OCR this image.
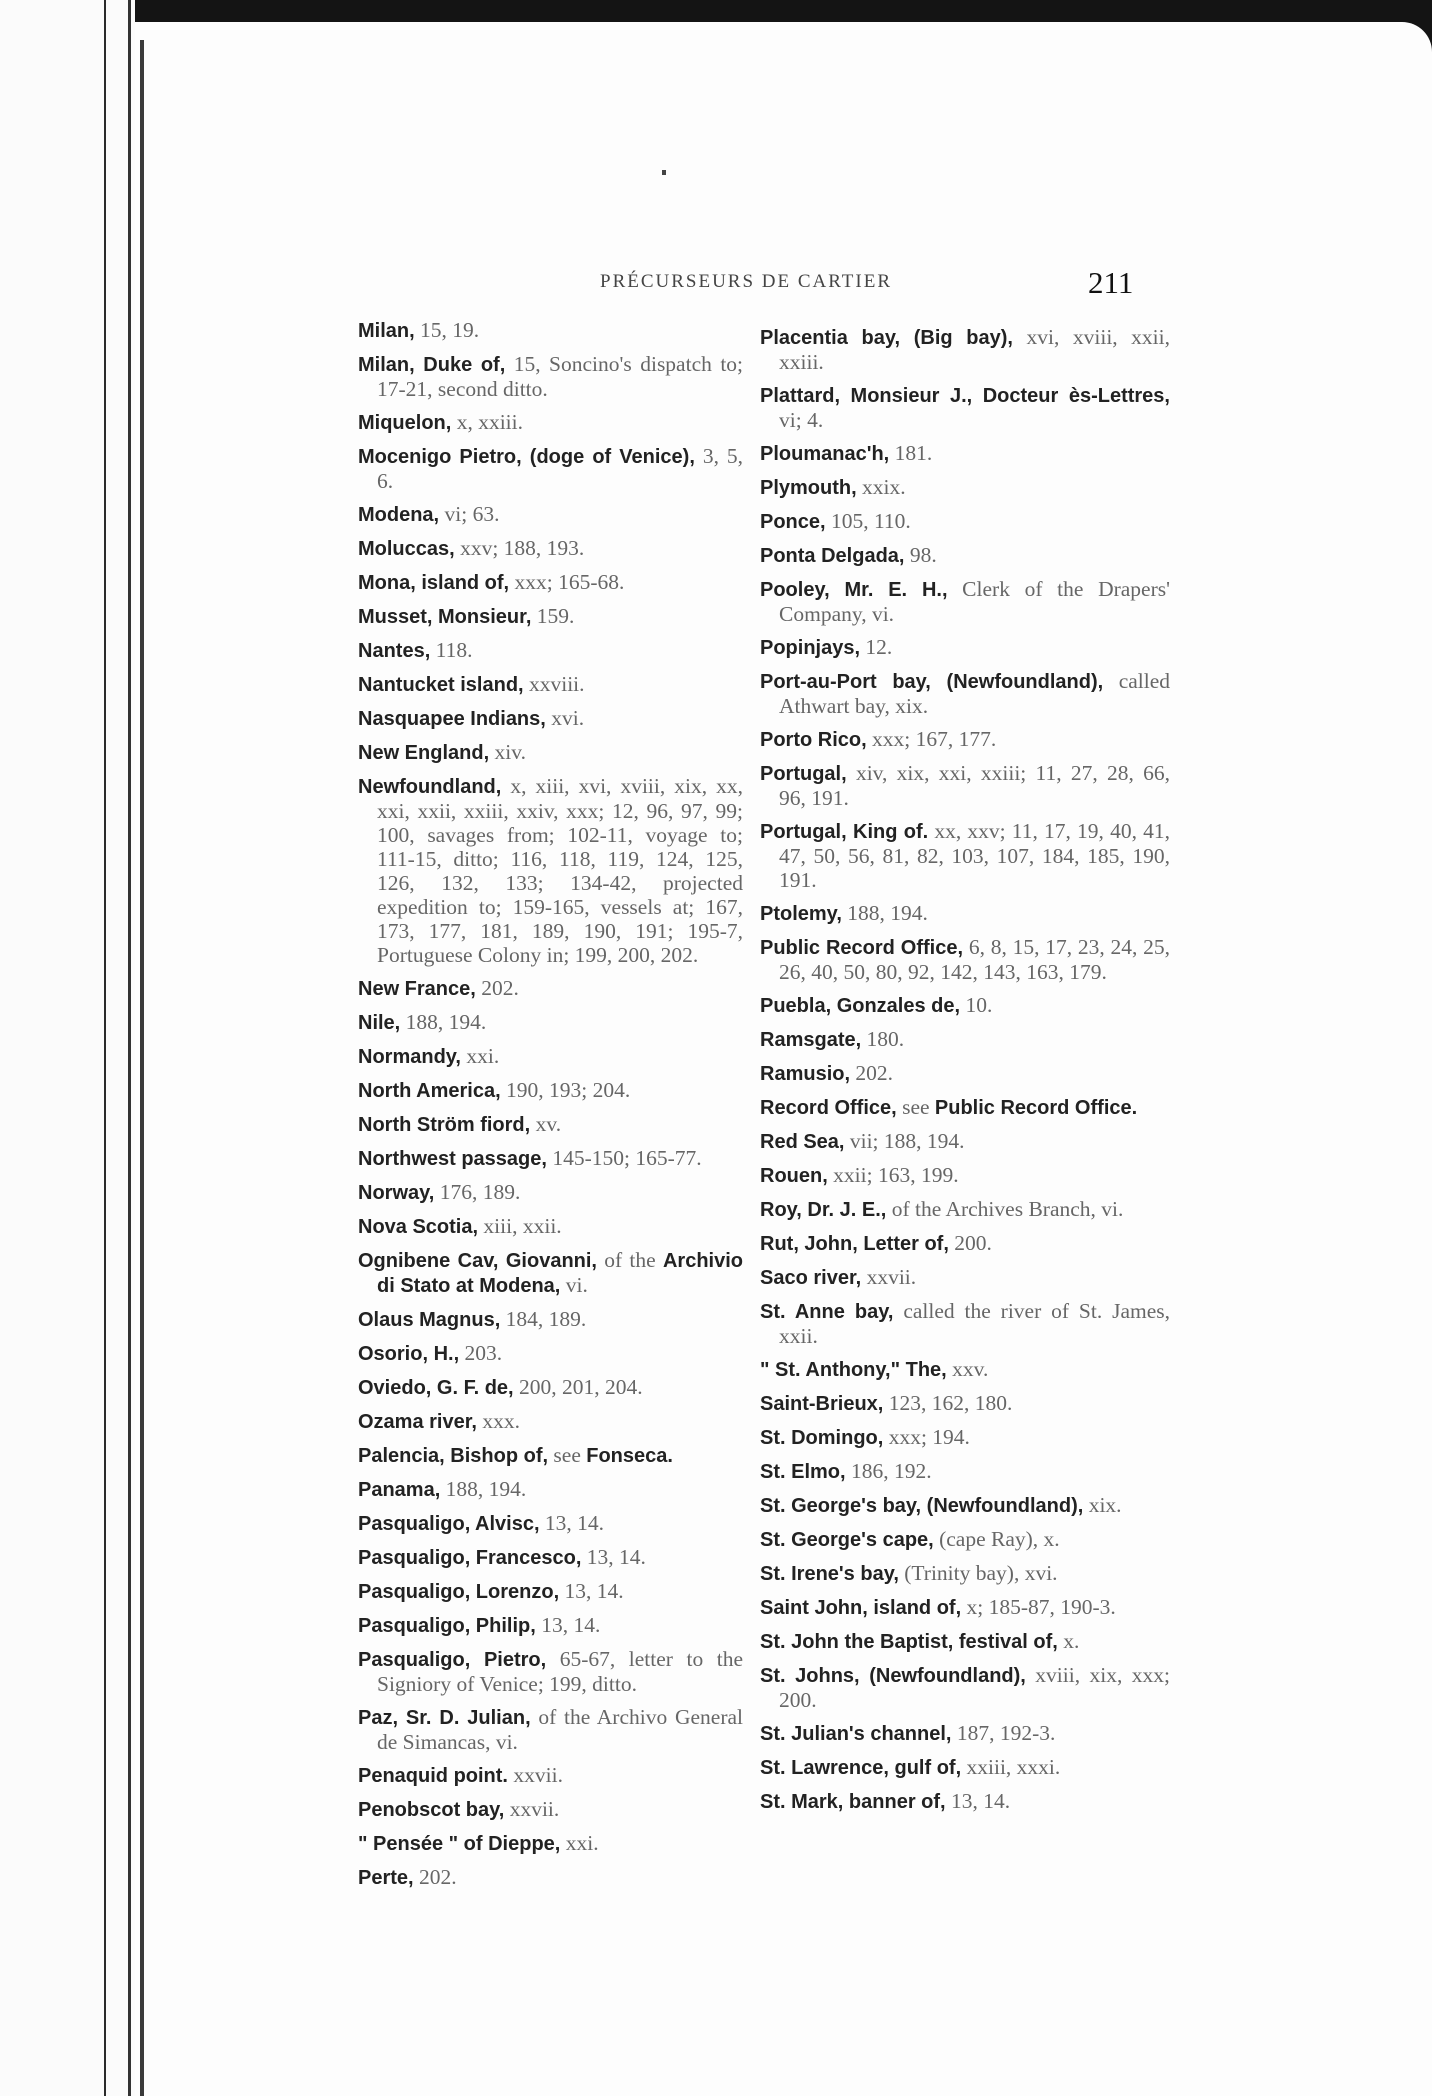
PRÉCURSEURS DE CARTIER	211

Milan, 15, 19.

Milan, Duke of, 15, Soncino's dispatch to; 17-21, second ditto.

Miquelon, x, xxiii.

Mocenigo Pietro, (doge of Venice), 3, 5, 6.

Modena, vi; 63.

Moluccas, xxv; 188, 193.

Mona, island of, xxx; 165-68.

Musset, Monsieur, 159.

Nantes, 118.

Nantucket island, xxviii.

Nasquapee Indians, xvi.

New England, xiv.

Newfoundland, x, xiii, xvi, xviii, xix, xx, xxi, xxii, xxiii, xxiv, xxx; 12, 96, 97, 99; 100, savages from; 102-11, voyage to; 111-15, ditto; 116, 118, 119, 124, 125, 126, 132, 133; 134-42, projected expedition to; 159-165, vessels at; 167, 173, 177, 181, 189, 190, 191; 195-7, Portuguese Colony in; 199, 200, 202.

New France, 202.

Nile, 188, 194.

Normandy, xxi.

North America, 190, 193; 204.

North Ström fiord, xv.

Northwest passage, 145-150; 165-77.

Norway, 176, 189.

Nova Scotia, xiii, xxii.

Ognibene Cav, Giovanni, of the Archivio di Stato at Modena, vi.

Olaus Magnus, 184, 189.

Osorio, H., 203.

Oviedo, G. F. de, 200, 201, 204.

Ozama river, xxx.

Palencia, Bishop of, see Fonseca.

Panama, 188, 194.

Pasqualigo, Alvisc, 13, 14.

Pasqualigo, Francesco, 13, 14.

Pasqualigo, Lorenzo, 13, 14.

Pasqualigo, Philip, 13, 14.

Pasqualigo, Pietro, 65-67, letter to the Signiory of Venice; 199, ditto.

Paz, Sr. D. Julian, of the Archivo General de Simancas, vi.

Penaquid point. xxvii.

Penobscot bay, xxvii.

" Pensée " of Dieppe, xxi.

Perte, 202.

Placentia bay, (Big bay), xvi, xviii, xxii, xxiii.

Plattard, Monsieur J., Docteur ès-Lettres, vi; 4.

Ploumanac'h, 181.

Plymouth, xxix.

Ponce, 105, 110.

Ponta Delgada, 98.

Pooley, Mr. E. H., Clerk of the Drapers' Company, vi.

Popinjays, 12.

Port-au-Port bay, (Newfoundland), called Athwart bay, xix.

Porto Rico, xxx; 167, 177.

Portugal, xiv, xix, xxi, xxiii; 11, 27, 28, 66, 96, 191.

Portugal, King of. xx, xxv; 11, 17, 19, 40, 41, 47, 50, 56, 81, 82, 103, 107, 184, 185, 190, 191.

Ptolemy, 188, 194.

Public Record Office, 6, 8, 15, 17, 23, 24, 25, 26, 40, 50, 80, 92, 142, 143, 163, 179.

Puebla, Gonzales de, 10.

Ramsgate, 180.

Ramusio, 202.

Record Office, see Public Record Office.

Red Sea, vii; 188, 194.

Rouen, xxii; 163, 199.

Roy, Dr. J. E., of the Archives Branch, vi.

Rut, John, Letter of, 200.

Saco river, xxvii.

St. Anne bay, called the river of St. James, xxii.

" St. Anthony," The, xxv.

Saint-Brieux, 123, 162, 180.

St. Domingo, xxx; 194.

St. Elmo, 186, 192.

St. George's bay, (Newfoundland), xix.

St. George's cape, (cape Ray), x.

St. Irene's bay, (Trinity bay), xvi.

Saint John, island of, x; 185-87, 190-3.

St. John the Baptist, festival of, x.

St. Johns, (Newfoundland), xviii, xix, xxx; 200.

St. Julian's channel, 187, 192-3.

St. Lawrence, gulf of, xxiii, xxxi.

St. Mark, banner of, 13, 14.
